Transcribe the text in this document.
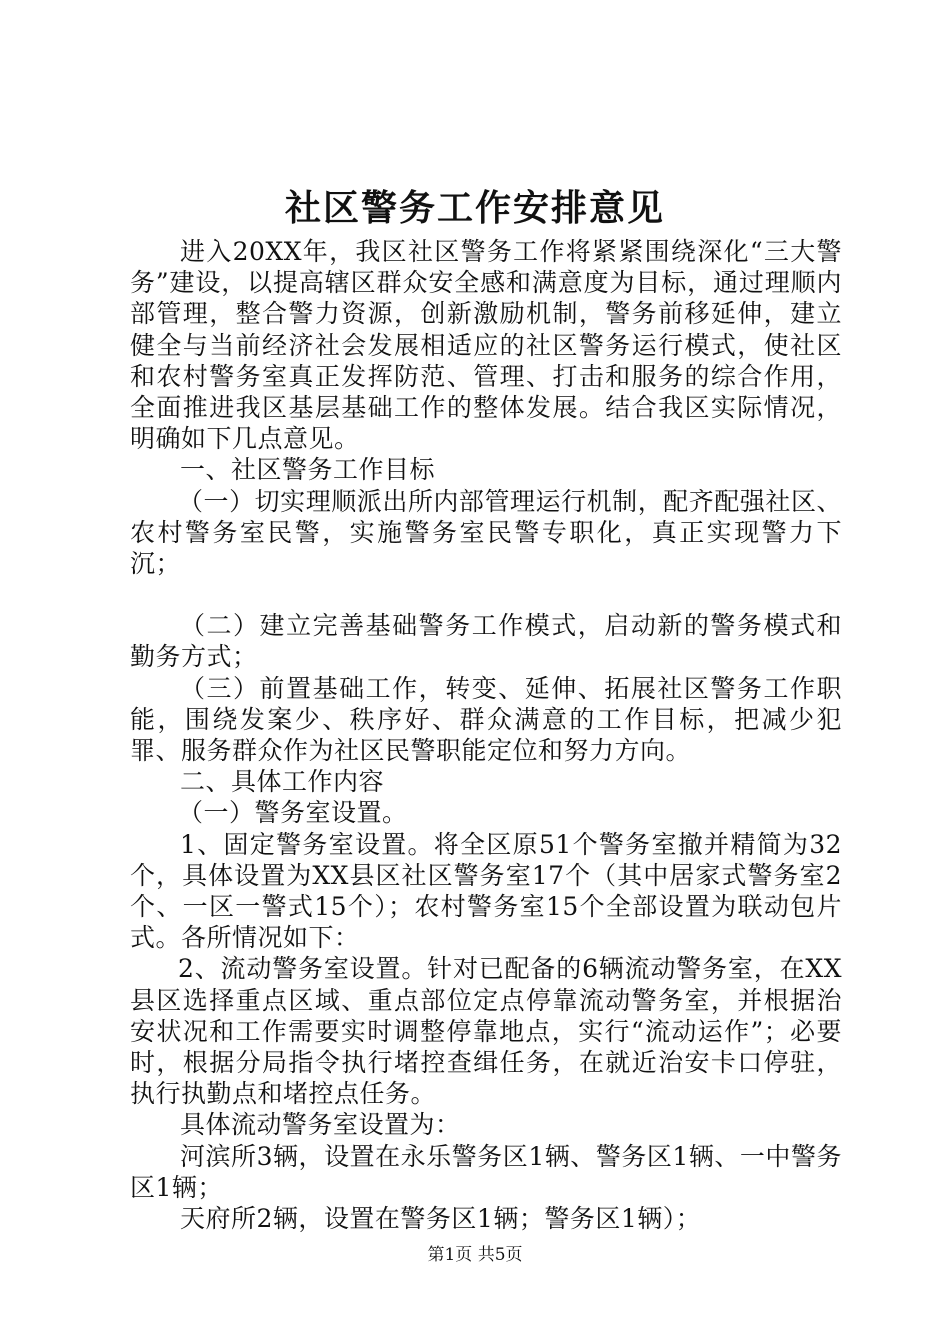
社区警务工作安排意见

进入20XX年，我区社区警务工作将紧紧围绕深化“三大警务”建设，以提高辖区群众安全感和满意度为目标，通过理顺内部管理，整合警力资源，创新激励机制，警务前移延伸，建立健全与当前经济社会发展相适应的社区警务运行模式，使社区和农村警务室真正发挥防范、管理、打击和服务的综合作用，全面推进我区基层基础工作的整体发展。结合我区实际情况，明确如下几点意见。

一、社区警务工作目标

（一）切实理顺派出所内部管理运行机制，配齐配强社区、农村警务室民警，实施警务室民警专职化，真正实现警力下沉；

（二）建立完善基础警务工作模式，启动新的警务模式和勤务方式；

（三）前置基础工作，转变、延伸、拓展社区警务工作职能，围绕发案少、秩序好、群众满意的工作目标，把减少犯罪、服务群众作为社区民警职能定位和努力方向。

二、具体工作内容

（一）警务室设置。

1、固定警务室设置。将全区原51个警务室撤并精简为32个，具体设置为XX县区社区警务室17个（其中居家式警务室2个、一区一警式15个）；农村警务室15个全部设置为联动包片式。各所情况如下：

2、流动警务室设置。针对已配备的6辆流动警务室，在XX县区选择重点区域、重点部位定点停靠流动警务室，并根据治安状况和工作需要实时调整停靠地点，实行“流动运作”；必要时，根据分局指令执行堵控查缉任务，在就近治安卡口停驻，执行执勤点和堵控点任务。

具体流动警务室设置为：

河滨所3辆，设置在永乐警务区1辆、警务区1辆、一中警务区1辆；

天府所2辆，设置在警务区1辆；警务区1辆）；

第1页 共5页
